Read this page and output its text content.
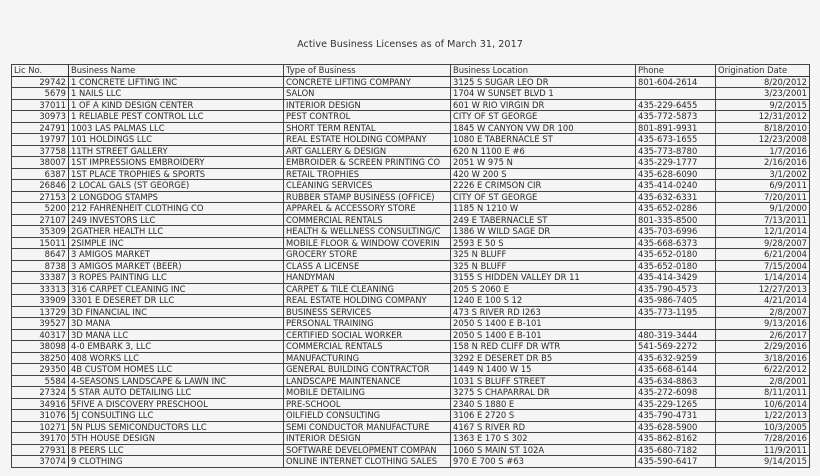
Active Business Licenses as of March 31, 2017
Lic No.	Business Name	Type of Business	Business Location	Phone	Origination Date
29742	1 CONCRETE LIFTING INC	CONCRETE LIFTING COMPANY	3125 S SUGAR LEO DR	801-604-2614	8/20/2012
5679	1 NAILS LLC	SALON	1704 W SUNSET BLVD 1		3/23/2001
37011	1 OF A KIND DESIGN CENTER	INTERIOR DESIGN	601 W RIO VIRGIN DR	435-229-6455	9/2/2015
30973	1 RELIABLE PEST CONTROL LLC	PEST CONTROL	CITY OF ST GEORGE	435-772-5873	12/31/2012
24791	1003 LAS PALMAS LLC	SHORT TERM RENTAL	1845 W CANYON VW DR 100	801-891-9931	8/18/2010
19797	101 HOLDINGS LLC	REAL ESTATE HOLDING COMPANY	1080 E TABERNACLE ST	435-673-1655	12/23/2008
37758	11TH STREET GALLERY	ART GALLERY & DESIGN	620 N 1100 E #6	435-773-8780	1/7/2016
38007	1ST IMPRESSIONS EMBROIDERY	EMBROIDER & SCREEN PRINTING CO	2051 W 975 N	435-229-1777	2/16/2016
6387	1ST PLACE TROPHIES & SPORTS	RETAIL TROPHIES	420 W 200 S	435-628-6090	3/1/2002
26846	2 LOCAL GALS (ST GEORGE)	CLEANING SERVICES	2226 E CRIMSON CIR	435-414-0240	6/9/2011
27153	2 LONGDOG STAMPS	RUBBER STAMP BUSINESS (OFFICE)	CITY OF ST GEORGE	435-632-6331	7/20/2011
5200	212 FAHRENHEIT CLOTHING CO	APPAREL & ACCESSORY STORE	1185 N 1210 W	435-652-0286	9/1/2000
27107	249 INVESTORS LLC	COMMERCIAL RENTALS	249 E TABERNACLE ST	801-335-8500	7/13/2011
35309	2GATHER HEALTH LLC	HEALTH & WELLNESS CONSULTING/C	1386 W WILD SAGE DR	435-703-6996	12/1/2014
15011	2SIMPLE INC	MOBILE FLOOR & WINDOW COVERIN	2593 E 50 S	435-668-6373	9/28/2007
8647	3 AMIGOS MARKET	GROCERY STORE	325 N BLUFF	435-652-0180	6/21/2004
8738	3 AMIGOS MARKET (BEER)	CLASS A LICENSE	325 N BLUFF	435-652-0180	7/15/2004
33387	3 ROPES PAINTING LLC	HANDYMAN	3155 S HIDDEN VALLEY DR 11	435-414-3429	1/14/2014
33313	316 CARPET CLEANING INC	CARPET & TILE CLEANING	205 S 2060 E	435-790-4573	12/27/2013
33909	3301 E DESERET DR LLC	REAL ESTATE HOLDING COMPANY	1240 E 100 S 12	435-986-7405	4/21/2014
13729	3D FINANCIAL INC	BUSINESS SERVICES	473 S RIVER RD I263	435-773-1195	2/8/2007
39527	3D MANA	PERSONAL TRAINING	2050 S 1400 E B-101		9/13/2016
40317	3D MANA LLC	CERTIFIED SOCIAL WORKER	2050 S 1400 E B-101	480-319-3444	2/6/2017
38098	4-0 EMBARK 3, LLC	COMMERCIAL RENTALS	158 N RED CLIFF DR WTR	541-569-2272	2/29/2016
38250	408 WORKS LLC	MANUFACTURING	3292 E DESERET DR B5	435-632-9259	3/18/2016
29350	4B CUSTOM HOMES LLC	GENERAL BUILDING CONTRACTOR	1449 N 1400 W 15	435-668-6144	6/22/2012
5584	4-SEASONS LANDSCAPE & LAWN INC	LANDSCAPE MAINTENANCE	1031 S BLUFF STREET	435-634-8863	2/8/2001
27324	5 STAR AUTO DETAILING LLC	MOBILE DETAILING	3275 S CHAPARRAL DR	435-272-6098	8/11/2011
34916	5FIVE A DISCOVERY PRESCHOOL	PRE-SCHOOL	2340 S 1880 E	435-229-1265	10/6/2014
31076	5J CONSULTING LLC	OILFIELD CONSULTING	3106 E 2720 S	435-790-4731	1/22/2013
10271	5N PLUS SEMICONDUCTORS LLC	SEMI CONDUCTOR MANUFACTURE	4167 S RIVER RD	435-628-5900	10/3/2005
39170	5TH HOUSE DESIGN	INTERIOR DESIGN	1363 E 170 S 302	435-862-8162	7/28/2016
27931	8 PEERS LLC	SOFTWARE DEVELOPMENT COMPAN	1060 S MAIN ST 102A	435-680-7182	11/9/2011
37074	9 CLOTHING	ONLINE INTERNET CLOTHING SALES	970 E 700 S #63	435-590-6417	9/14/2015
